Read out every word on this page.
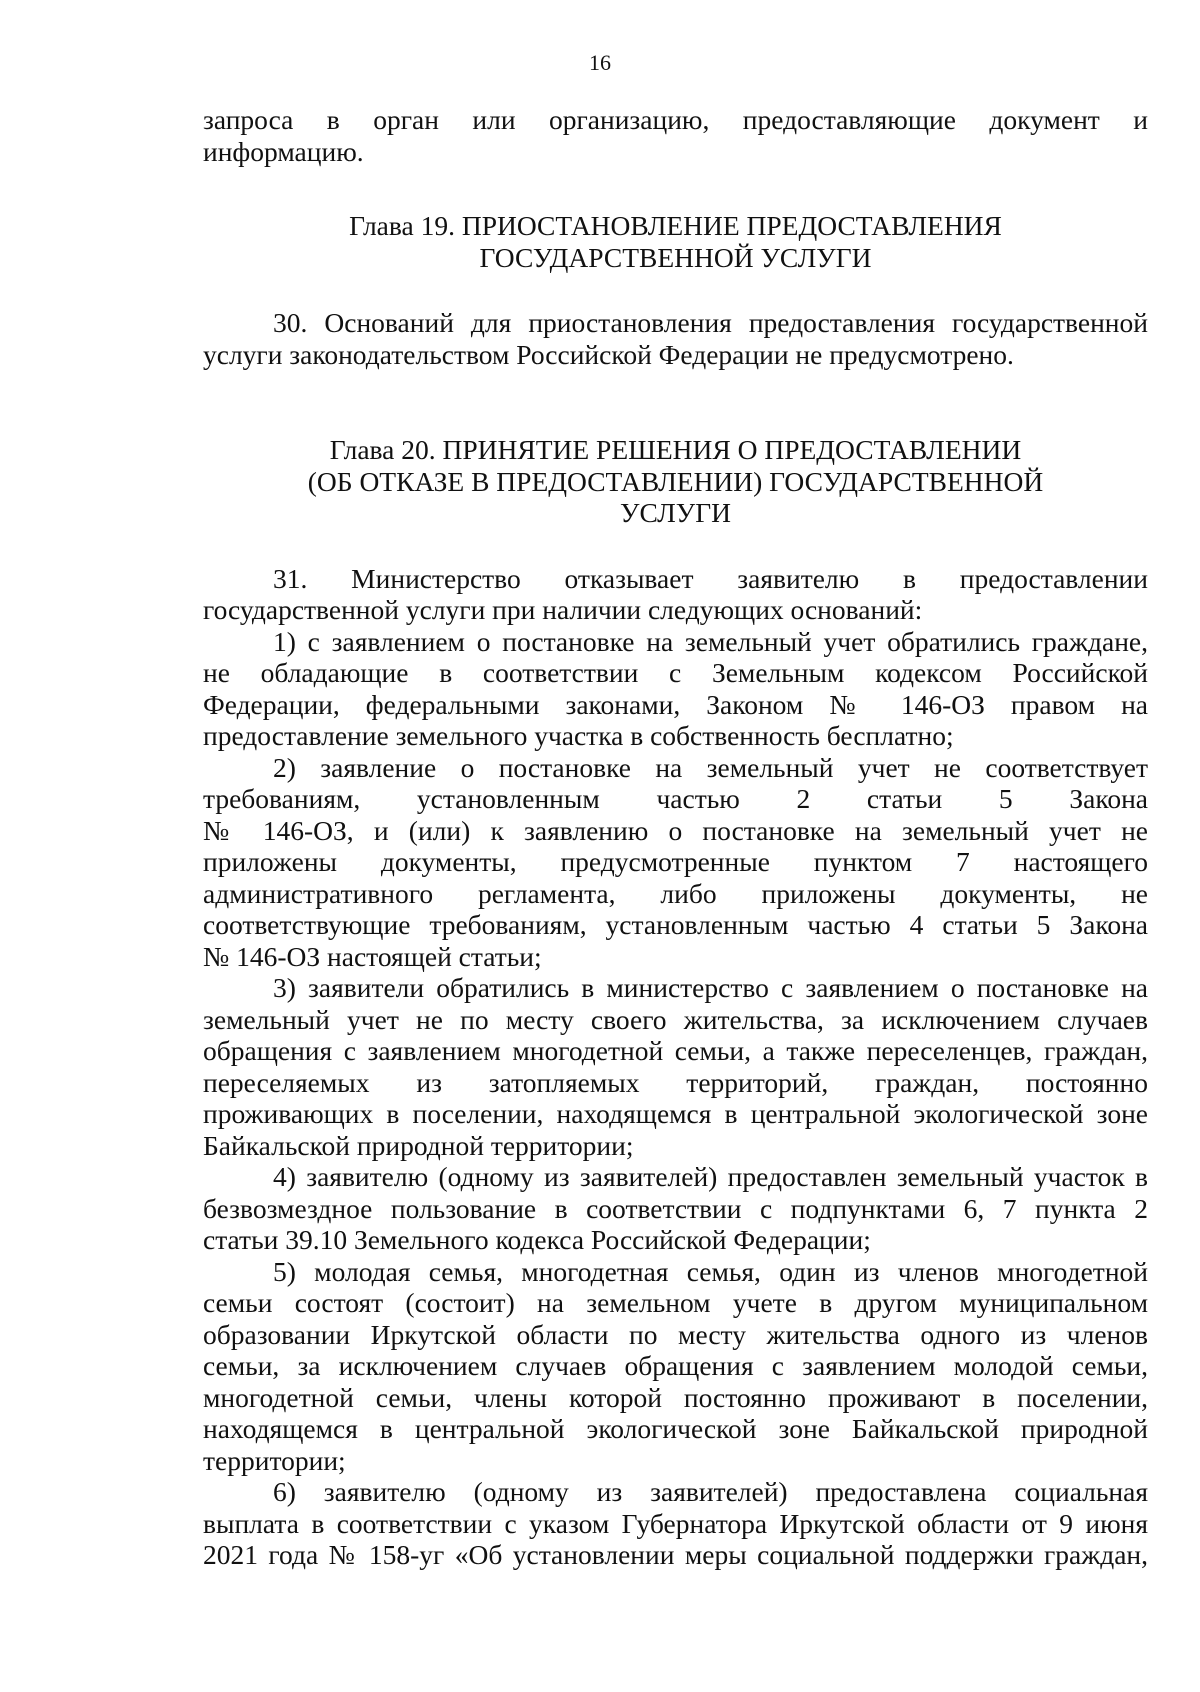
16
запроса в орган или организацию, предоставляющие документ и
информацию.
Глава 19. ПРИОСТАНОВЛЕНИЕ ПРЕДОСТАВЛЕНИЯ
ГОСУДАРСТВЕННОЙ УСЛУГИ
30. Оснований для приостановления предоставления государственной
услуги законодательством Российской Федерации не предусмотрено.
Глава 20. ПРИНЯТИЕ РЕШЕНИЯ О ПРЕДОСТАВЛЕНИИ
(ОБ ОТКАЗЕ В ПРЕДОСТАВЛЕНИИ) ГОСУДАРСТВЕННОЙ
УСЛУГИ
31. Министерство отказывает заявителю в предоставлении
государственной услуги при наличии следующих оснований:
1) с заявлением о постановке на земельный учет обратились граждане,
не обладающие в соответствии с Земельным кодексом Российской
Федерации, федеральными законами, Законом № 146-ОЗ правом на
предоставление земельного участка в собственность бесплатно;
2) заявление о постановке на земельный учет не соответствует
требованиям, установленным частью 2 статьи 5 Закона
№ 146-ОЗ, и (или) к заявлению о постановке на земельный учет не
приложены документы, предусмотренные пунктом 7 настоящего
административного регламента, либо приложены документы, не
соответствующие требованиям, установленным частью 4 статьи 5 Закона
№ 146-ОЗ настоящей статьи;
3) заявители обратились в министерство с заявлением о постановке на
земельный учет не по месту своего жительства, за исключением случаев
обращения с заявлением многодетной семьи, а также переселенцев, граждан,
переселяемых из затопляемых территорий, граждан, постоянно
проживающих в поселении, находящемся в центральной экологической зоне
Байкальской природной территории;
4) заявителю (одному из заявителей) предоставлен земельный участок в
безвозмездное пользование в соответствии с подпунктами 6, 7 пункта 2
статьи 39.10 Земельного кодекса Российской Федерации;
5) молодая семья, многодетная семья, один из членов многодетной
семьи состоят (состоит) на земельном учете в другом муниципальном
образовании Иркутской области по месту жительства одного из членов
семьи, за исключением случаев обращения с заявлением молодой семьи,
многодетной семьи, члены которой постоянно проживают в поселении,
находящемся в центральной экологической зоне Байкальской природной
территории;
6) заявителю (одному из заявителей) предоставлена социальная
выплата в соответствии с указом Губернатора Иркутской области от 9 июня
2021 года № 158-уг «Об установлении меры социальной поддержки граждан,
